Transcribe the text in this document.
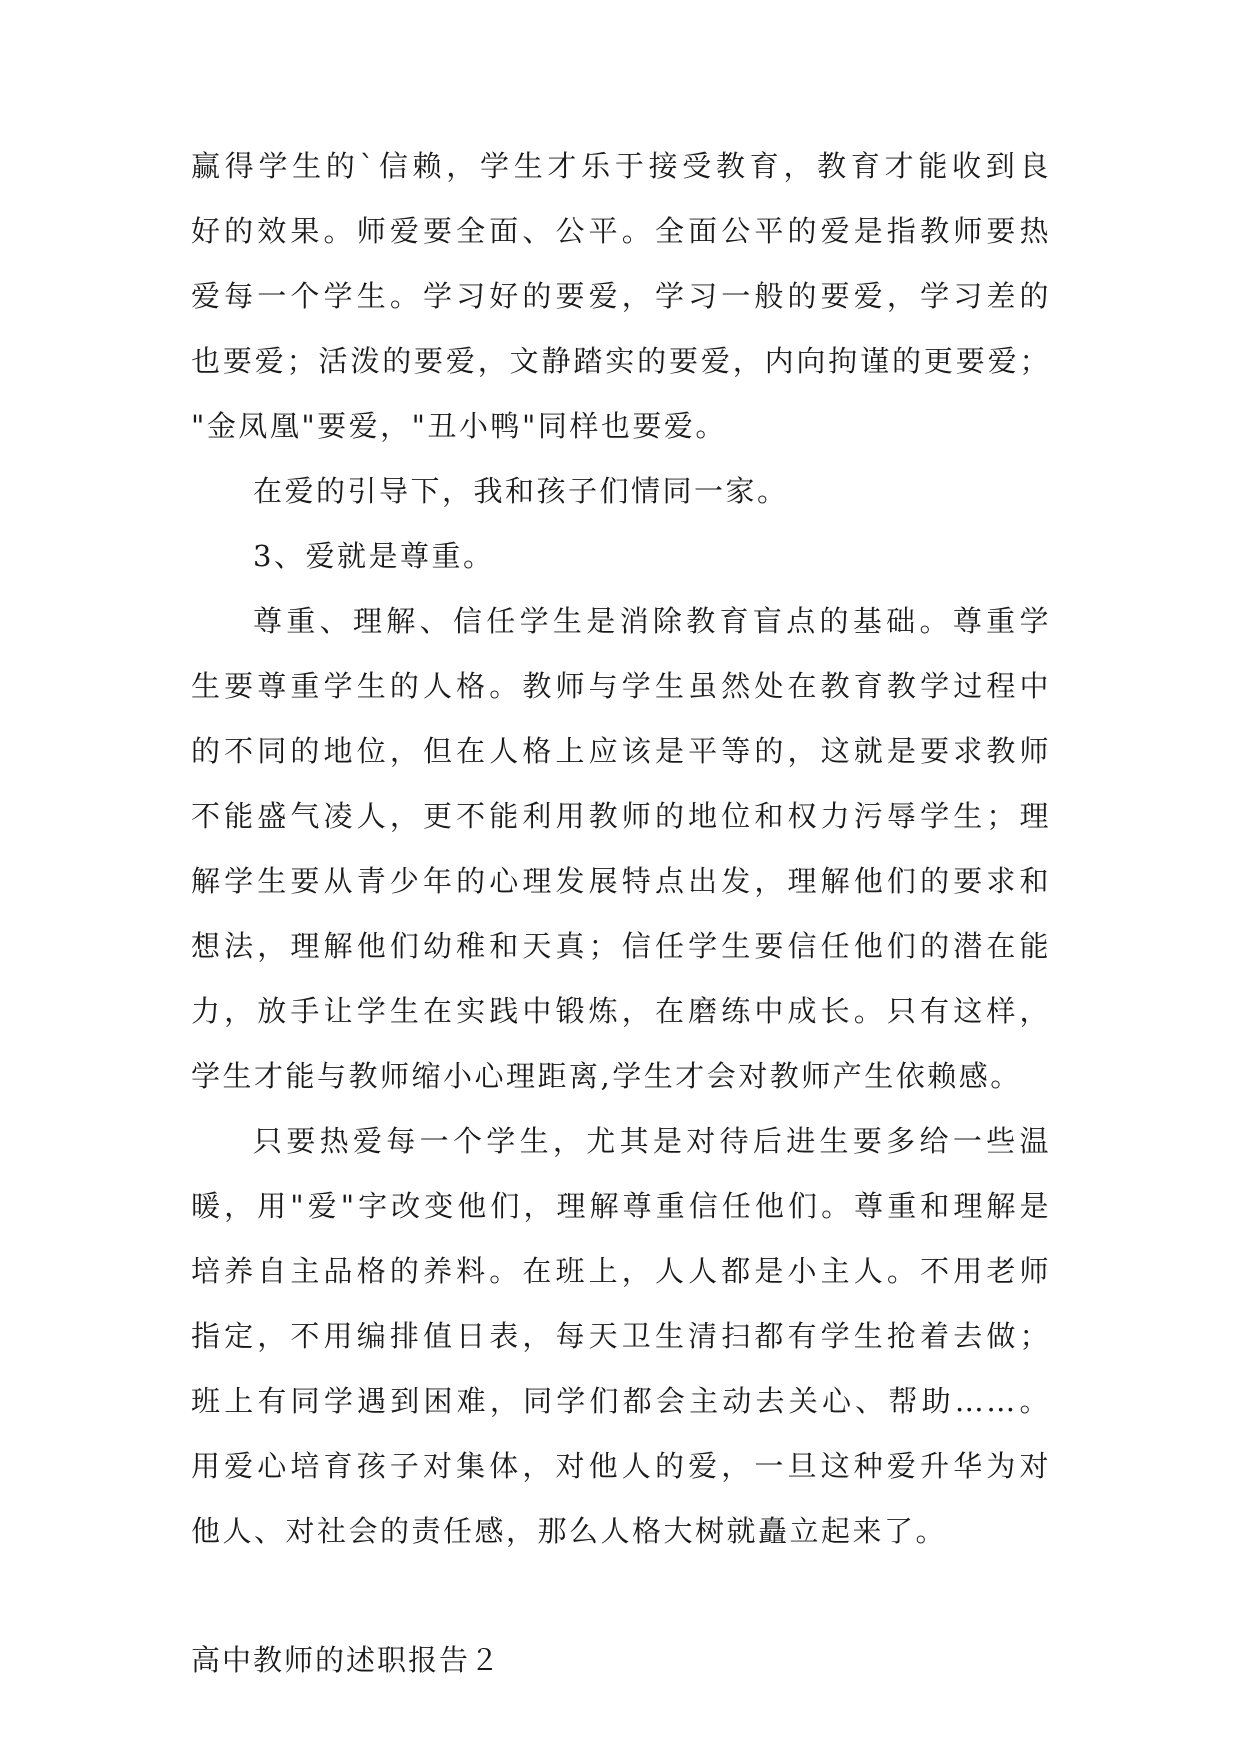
赢得学生的`信赖，学生才乐于接受教育，教育才能收到良
好的效果。师爱要全面、公平。全面公平的爱是指教师要热
爱每一个学生。学习好的要爱，学习一般的要爱，学习差的
也要爱；活泼的要爱，文静踏实的要爱，内向拘谨的更要爱；
"金凤凰"要爱，"丑小鸭"同样也要爱。
在爱的引导下，我和孩子们情同一家。
3、爱就是尊重。
尊重、理解、信任学生是消除教育盲点的基础。尊重学
生要尊重学生的人格。教师与学生虽然处在教育教学过程中
的不同的地位，但在人格上应该是平等的，这就是要求教师
不能盛气凌人，更不能利用教师的地位和权力污辱学生；理
解学生要从青少年的心理发展特点出发，理解他们的要求和
想法，理解他们幼稚和天真；信任学生要信任他们的潜在能
力，放手让学生在实践中锻炼，在磨练中成长。只有这样，
学生才能与教师缩小心理距离,学生才会对教师产生依赖感。
只要热爱每一个学生，尤其是对待后进生要多给一些温
暖，用"爱"字改变他们，理解尊重信任他们。尊重和理解是
培养自主品格的养料。在班上，人人都是小主人。不用老师
指定，不用编排值日表，每天卫生清扫都有学生抢着去做；
班上有同学遇到困难，同学们都会主动去关心、帮助……。
用爱心培育孩子对集体，对他人的爱，一旦这种爱升华为对
他人、对社会的责任感，那么人格大树就矗立起来了。
高中教师的述职报告２
